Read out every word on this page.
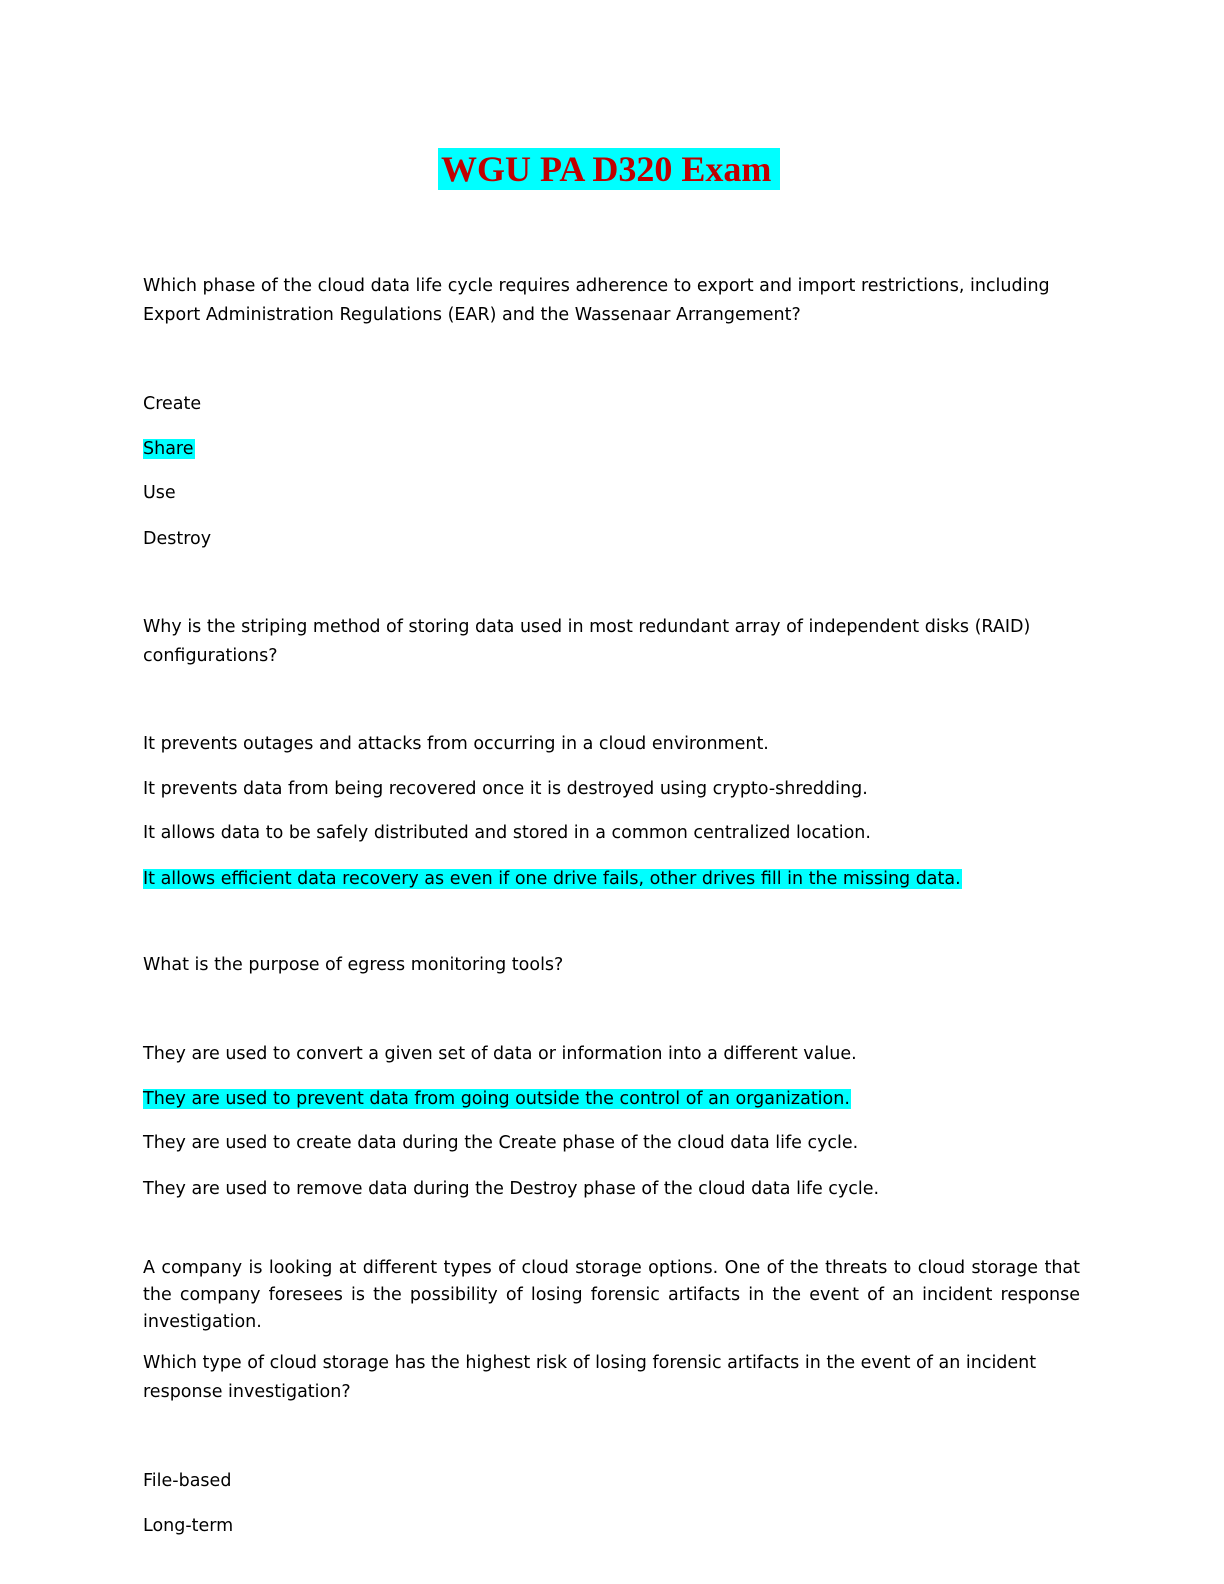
WGU PA D320 Exam
Which phase of the cloud data life cycle requires adherence to export and import restrictions, including
Export Administration Regulations (EAR) and the Wassenaar Arrangement?
Create
Share
Use
Destroy
Why is the striping method of storing data used in most redundant array of independent disks (RAID)
configurations?
It prevents outages and attacks from occurring in a cloud environment.
It prevents data from being recovered once it is destroyed using crypto-shredding.
It allows data to be safely distributed and stored in a common centralized location.
It allows efficient data recovery as even if one drive fails, other drives fill in the missing data.
What is the purpose of egress monitoring tools?
They are used to convert a given set of data or information into a different value.
They are used to prevent data from going outside the control of an organization.
They are used to create data during the Create phase of the cloud data life cycle.
They are used to remove data during the Destroy phase of the cloud data life cycle.
A company is looking at different types of cloud storage options. One of the threats to cloud storage that
the company foresees is the possibility of losing forensic artifacts in the event of an incident response
investigation.
Which type of cloud storage has the highest risk of losing forensic artifacts in the event of an incident
response investigation?
File-based
Long-term
